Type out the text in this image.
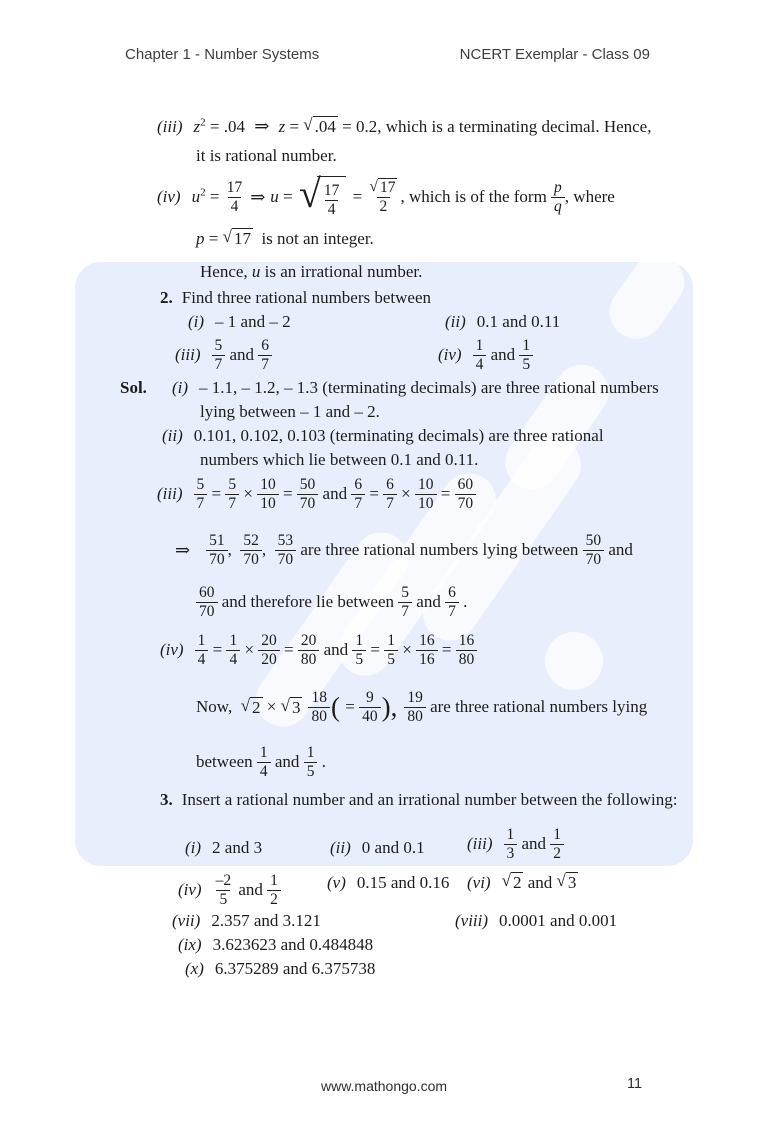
Chapter 1 - Number Systems	NCERT Exemplar - Class 09
(iii) $z^2 = .04$ ⇒ z = √ .04 = 0.2, which is a terminating decimal. Hence,
it is rational number.
(iv) $u^2 = \frac{17}{4}$ ⇒ u = √ $\frac{17}{4} = \frac{√ 17}{2}$ , which is of the form $\frac{p}{q}$ , where
p = √ 17 is not an integer.
Hence, u is an irrational number.
2. Find three rational numbers between
(i) – 1 and – 2	(ii) 0.1 and 0.11
$(iii) \frac{5}{7}$ and $\frac{6}{7}$	$(iv) \frac{1}{4}$ and $\frac{1}{5}$
Sol. (i) – 1.1, – 1.2, – 1.3 (terminating decimals) are three rational numbers
lying between – 1 and – 2.
(ii) 0.101, 0.102, 0.103 (terminating decimals) are three rational
numbers which lie between 0.1 and 0.11.
$(iii) \frac{5}{7} = \frac{5}{7} \times \frac{10}{10} = \frac{50}{70}$ and $\frac{6}{7} = \frac{6}{7} \times \frac{10}{10} = \frac{60}{70}$
⇒ $\frac{51}{70}$ , $\frac{52}{70}$ , $\frac{53}{70}$ are three rational numbers lying between $\frac{50}{70}$ and
$\frac{60}{70}$ and therefore lie between $\frac{5}{7}$ and $\frac{6}{7}$ .
$(iv) \frac{1}{4} = \frac{1}{4} \times \frac{20}{20} = \frac{20}{80}$ and $\frac{1}{5} = \frac{1}{5} \times \frac{16}{16} = \frac{16}{80}$
Now, √ 2 × √ $3 \frac{18}{80}$ ( = $\frac{9}{40}$ ), $\frac{19}{80}$ are three rational numbers lying
between $\frac{1}{4}$ and $\frac{1}{5}$ .
3. Insert a rational number and an irrational number between the following:
(i) 2 and 3	(ii) 0 and 0.1 $(iii) \frac{1}{3}$ and $\frac{1}{2}$
$(iv) \frac{-2}{5}$ and $\frac{1}{2}$	(v) 0.15 and 0.16 (vi) √ 2 and √ 3
(vii) 2.357 and 3.121	(viii) 0.0001 and 0.001
(ix) 3.623623 and 0.484848
(x) 6.375289 and 6.375738
www.mathongo.com	11
